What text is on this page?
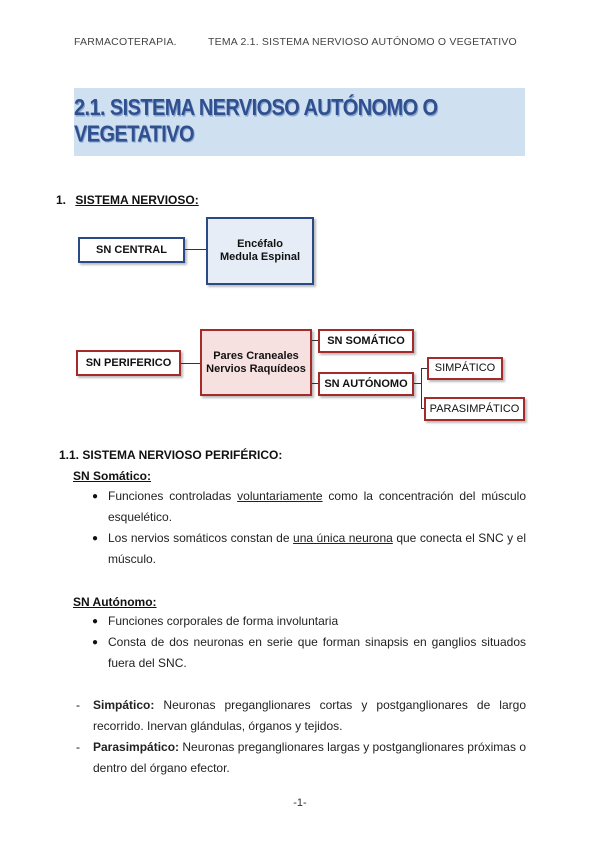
FARMACOTERAPIA.	TEMA 2.1. SISTEMA NERVIOSO AUTÓNOMO O VEGETATIVO
2.1. SISTEMA NERVIOSO AUTÓNOMO O VEGETATIVO
1. SISTEMA NERVIOSO:
SN CENTRAL	Encéfalo
Medula Espinal
SN PERIFERICO
Pares Craneales
Nervios Raquídeos
SN SOMÁTICO
SN AUTÓNOMO
SIMPÁTICO
PARASIMPÁTICO
1.1. SISTEMA NERVIOSO PERIFÉRICO:
SN Somático:
● Funciones controladas voluntariamente como la concentración del músculo esquelético.
● Los nervios somáticos constan de una única neurona que conecta el SNC y el músculo.
SN Autónomo:
● Funciones corporales de forma involuntaria
● Consta de dos neuronas en serie que forman sinapsis en ganglios situados fuera del SNC.
- Simpático: Neuronas preganglionares cortas y postganglionares de largo recorrido. Inervan glándulas, órganos y tejidos.
- Parasimpático: Neuronas preganglionares largas y postganglionares próximas o dentro del órgano efector.
-1-
